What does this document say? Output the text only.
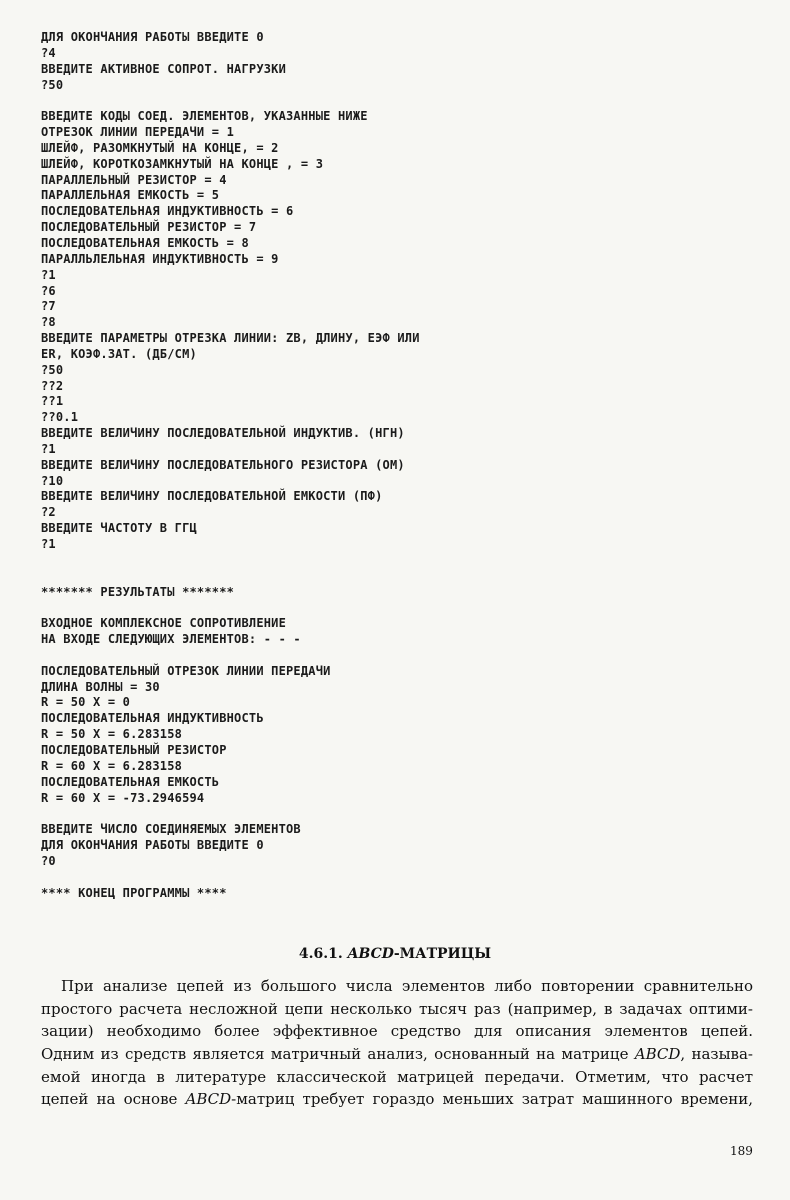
ДЛЯ ОКОНЧАНИЯ РАБОТЫ ВВЕДИТЕ 0
?4
ВВЕДИТЕ АКТИВНОЕ СОПРОТ. НАГРУЗКИ
?50
ВВЕДИТЕ КОДЫ СОЕД. ЭЛЕМЕНТОВ, УКАЗАННЫЕ НИЖЕ
ОТРЕЗОК ЛИНИИ ПЕРЕДАЧИ = 1
ШЛЕЙФ, РАЗОМКНУТЫЙ НА КОНЦЕ, = 2
ШЛЕЙФ, КОРОТКОЗАМКНУТЫЙ НА КОНЦЕ , = 3
ПАРАЛЛЕЛЬНЫЙ РЕЗИСТОР = 4
ПАРАЛЛЕЛЬНАЯ ЕМКОСТЬ = 5
ПОСЛЕДОВАТЕЛЬНАЯ ИНДУКТИВНОСТЬ = 6
ПОСЛЕДОВАТЕЛЬНЫЙ РЕЗИСТОР = 7
ПОСЛЕДОВАТЕЛЬНАЯ ЕМКОСТЬ = 8
ПАРАЛЛЬЛЕЛЬНАЯ ИНДУКТИВНОСТЬ = 9
?1
?6
?7
?8
ВВЕДИТЕ ПАРАМЕТРЫ ОТРЕЗКА ЛИНИИ: ZВ, ДЛИНУ, ЕЭФ ИЛИ
ER, КОЭФ.ЗАТ. (ДБ/СМ)
?50
??2
??1
??0.1
ВВЕДИТЕ ВЕЛИЧИНУ ПОСЛЕДОВАТЕЛЬНОЙ ИНДУКТИВ. (НГН)
?1
ВВЕДИТЕ ВЕЛИЧИНУ ПОСЛЕДОВАТЕЛЬНОГО РЕЗИСТОРА (ОМ)
?10
ВВЕДИТЕ ВЕЛИЧИНУ ПОСЛЕДОВАТЕЛЬНОЙ ЕМКОСТИ (ПФ)
?2
ВВЕДИТЕ ЧАСТОТУ В ГГЦ
?1
******* РЕЗУЛЬТАТЫ *******
ВХОДНОЕ КОМПЛЕКСНОЕ СОПРОТИВЛЕНИЕ
НА ВХОДЕ СЛЕДУЮЩИХ ЭЛЕМЕНТОВ: - - -
ПОСЛЕДОВАТЕЛЬНЫЙ ОТРЕЗОК ЛИНИИ ПЕРЕДАЧИ
ДЛИНА ВОЛНЫ = 30
R = 50 X = 0
ПОСЛЕДОВАТЕЛЬНАЯ ИНДУКТИВНОСТЬ
R = 50 X = 6.283158
ПОСЛЕДОВАТЕЛЬНЫЙ РЕЗИСТОР
R = 60 X = 6.283158
ПОСЛЕДОВАТЕЛЬНАЯ ЕМКОСТЬ
R = 60 X = -73.2946594
ВВЕДИТЕ ЧИСЛО СОЕДИНЯЕМЫХ ЭЛЕМЕНТОВ
ДЛЯ ОКОНЧАНИЯ РАБОТЫ ВВЕДИТЕ 0
?0
**** КОНЕЦ ПРОГРАММЫ ****
4.6.1. ABCD-МАТРИЦЫ
При анализе цепей из большого числа элементов либо повторении сравнительно
простого расчета несложной цепи несколько тысяч раз (например, в задачах оптими-
зации) необходимо более эффективное средство для описания элементов цепей.
Одним из средств является матричный анализ, основанный на матрице ABCD, называ-
емой иногда в литературе классической матрицей передачи. Отметим, что расчет
цепей на основе ABCD-матриц требует гораздо меньших затрат машинного времени,
189
